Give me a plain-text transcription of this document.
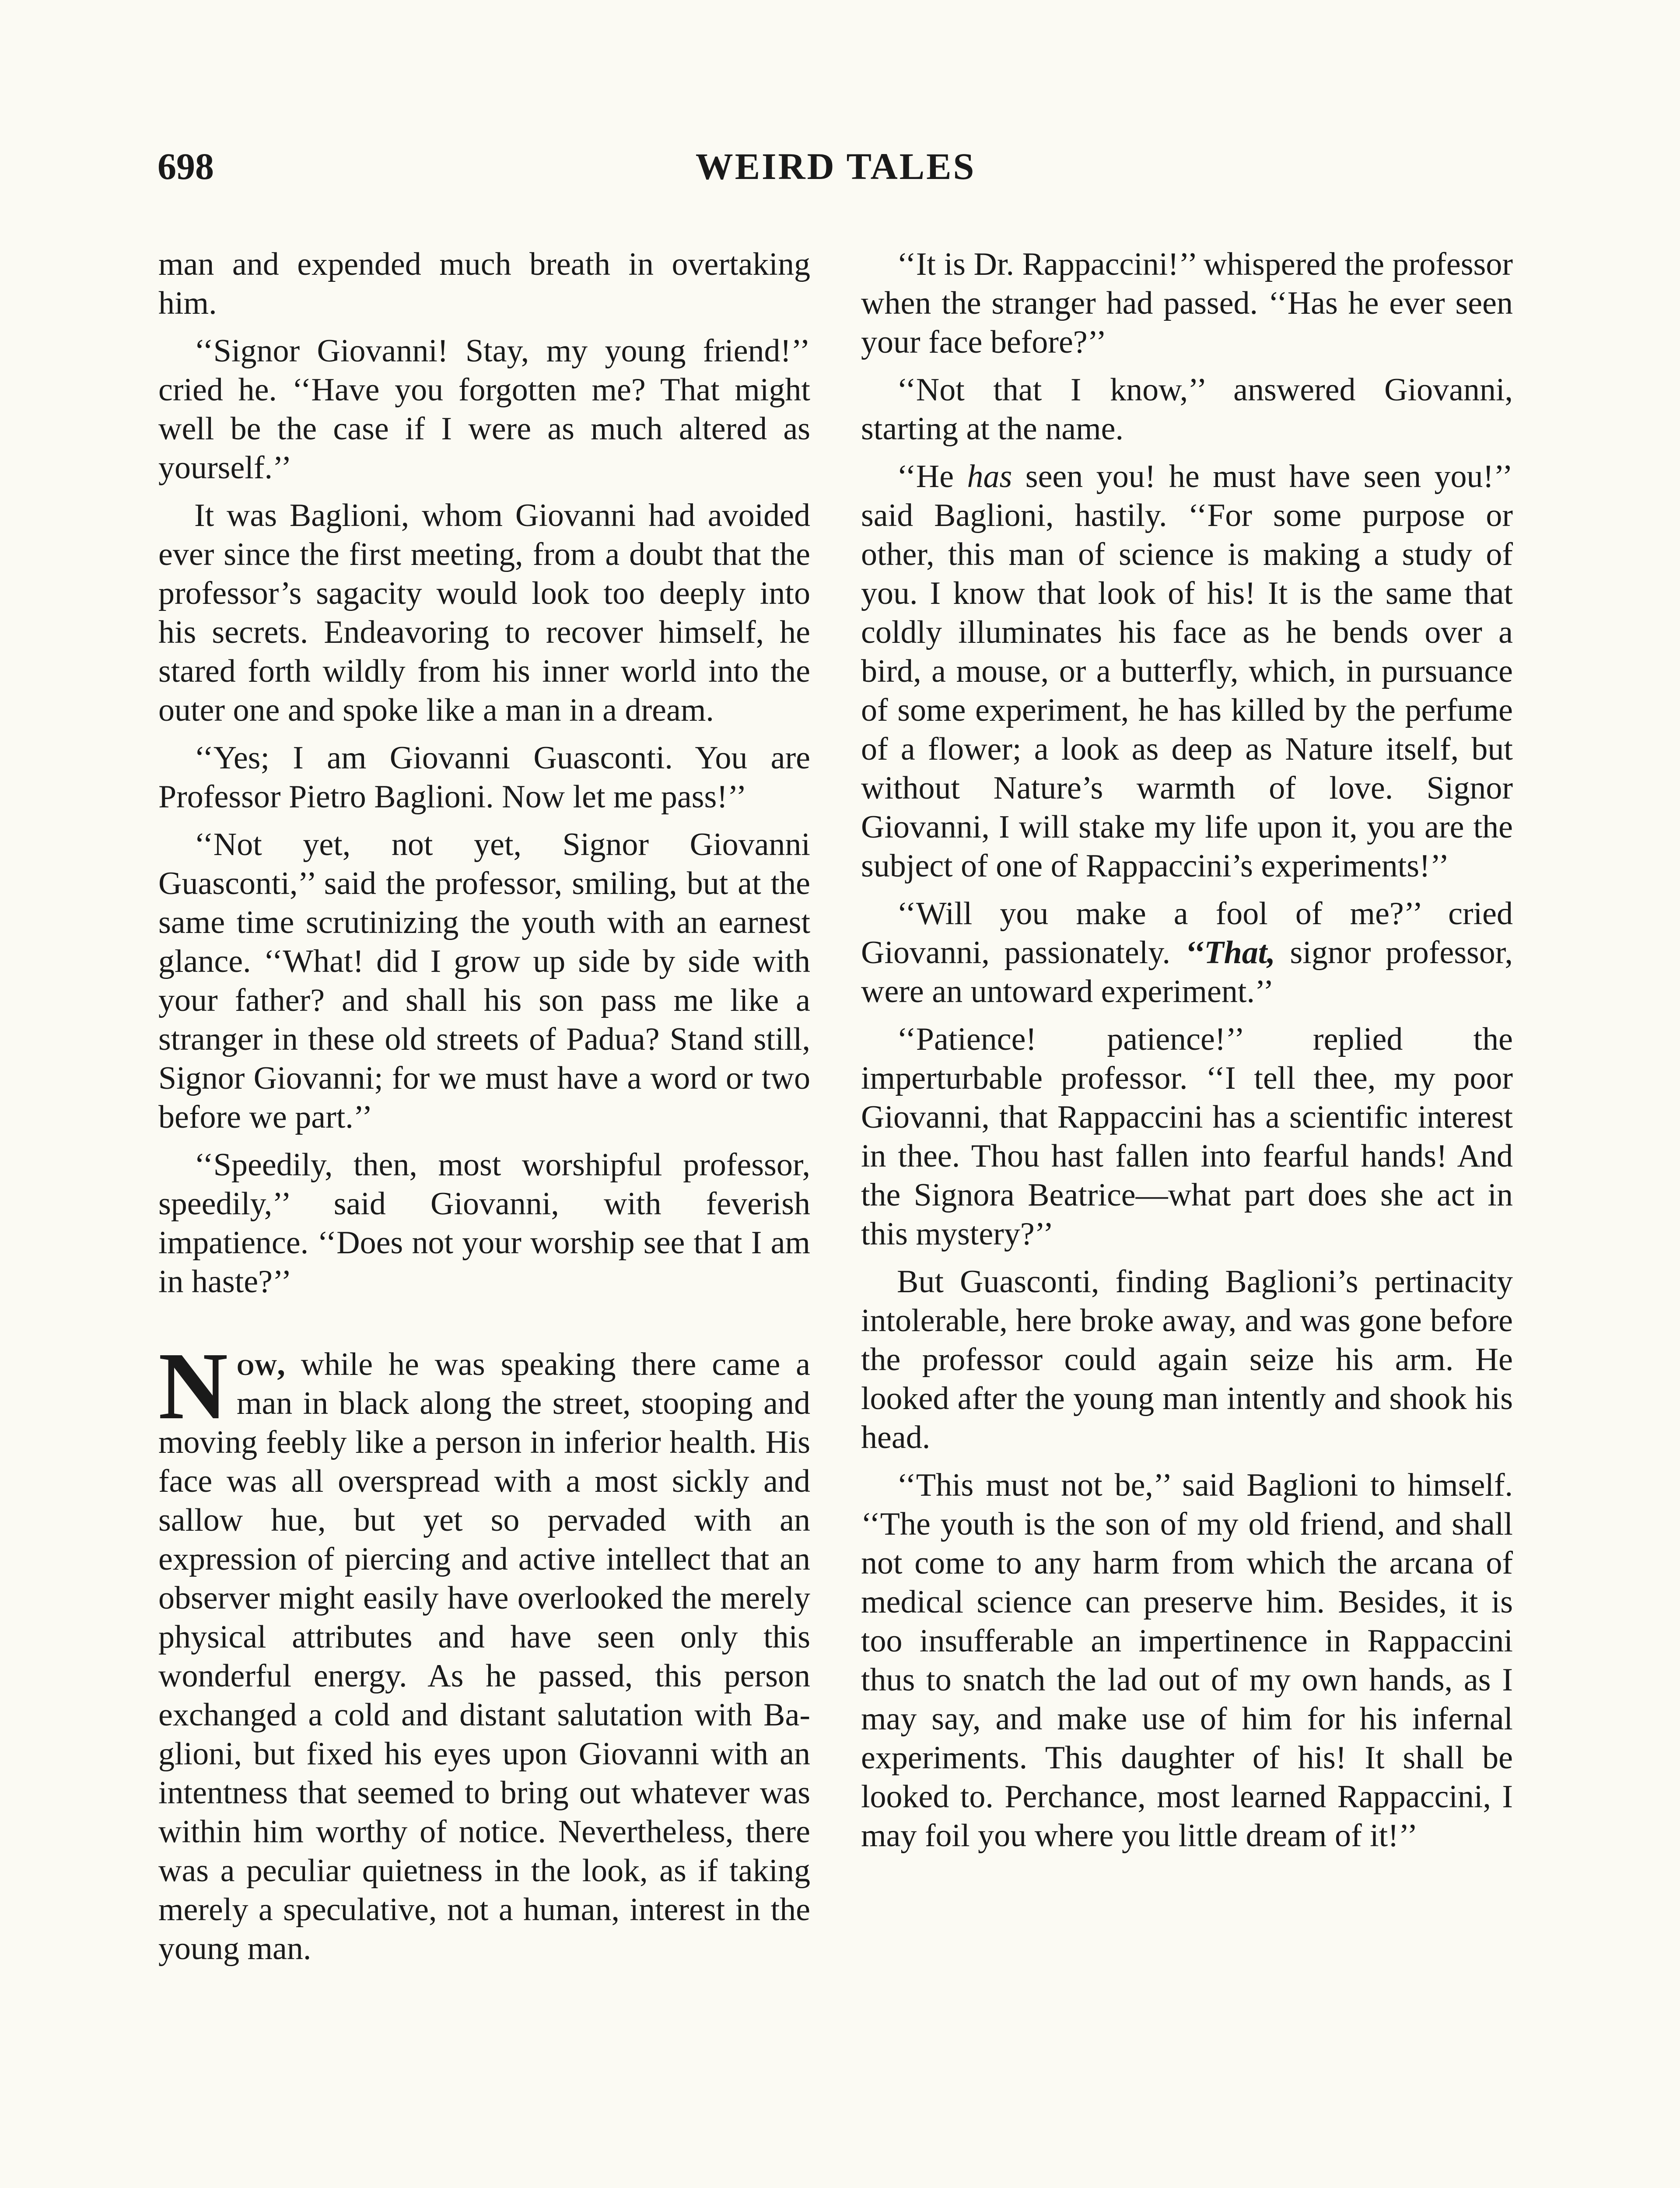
698	WEIRD TALES

man and expended much breath in overtaking him.

‘‘Signor Giovanni! Stay, my young friend!’’ cried he. ‘‘Have you forgotten me? That might well be the case if I were as much altered as yourself.’’

It was Baglioni, whom Giovanni had avoided ever since the first meeting, from a doubt that the professor’s sagacity would look too deeply into his secrets. Endeavoring to recover himself, he stared forth wildly from his inner world into the outer one and spoke like a man in a dream.

‘‘Yes; I am Giovanni Guasconti. You are Professor Pietro Baglioni. Now let me pass!’’

‘‘Not yet, not yet, Signor Giovanni Guasconti,’’ said the professor, smiling, but at the same time scrutinizing the youth with an earnest glance. ‘‘What! did I grow up side by side with your father? and shall his son pass me like a stranger in these old streets of Padua? Stand still, Signor Giovanni; for we must have a word or two before we part.’’

‘‘Speedily, then, most worshipful professor, speedily,’’ said Giovanni, with feverish impatience. ‘‘Does not your worship see that I am in haste?’’

Now, while he was speaking there came a man in black along the street, stooping and moving feebly like a person in inferior health. His face was all overspread with a most sickly and sallow hue, but yet so pervaded with an expression of piercing and active intellect that an observer might easily have overlooked the merely physical attributes and have seen only this wonderful energy. As he passed, this person exchanged a cold and distant salutation with Baglioni, but fixed his eyes upon Giovanni with an intentness that seemed to bring out whatever was within him worthy of notice. Nevertheless, there was a peculiar quietness in the look, as if taking merely a speculative, not a human, interest in the young man.

‘‘It is Dr. Rappaccini!’’ whispered the professor when the stranger had passed. ‘‘Has he ever seen your face before?’’

‘‘Not that I know,’’ answered Giovanni, starting at the name.

‘‘He has seen you! he must have seen you!’’ said Baglioni, hastily. ‘‘For some purpose or other, this man of science is making a study of you. I know that look of his! It is the same that coldly illuminates his face as he bends over a bird, a mouse, or a butterfly, which, in pursuance of some experiment, he has killed by the perfume of a flower; a look as deep as Nature itself, but without Nature’s warmth of love. Signor Giovanni, I will stake my life upon it, you are the subject of one of Rappaccini’s experiments!’’

‘‘Will you make a fool of me?’’ cried Giovanni, passionately. ‘‘That, signor professor, were an untoward experiment.’’

‘‘Patience! patience!’’ replied the imperturbable professor. ‘‘I tell thee, my poor Giovanni, that Rappaccini has a scientific interest in thee. Thou hast fallen into fearful hands! And the Signora Beatrice—what part does she act in this mystery?’’

But Guasconti, finding Baglioni’s pertinacity intolerable, here broke away, and was gone before the professor could again seize his arm. He looked after the young man intently and shook his head.

‘‘This must not be,’’ said Baglioni to himself. ‘‘The youth is the son of my old friend, and shall not come to any harm from which the arcana of medical science can preserve him. Besides, it is too insufferable an impertinence in Rappaccini thus to snatch the lad out of my own hands, as I may say, and make use of him for his infernal experiments. This daughter of his! It shall be looked to. Perchance, most learned Rappaccini, I may foil you where you little dream of it!’’
